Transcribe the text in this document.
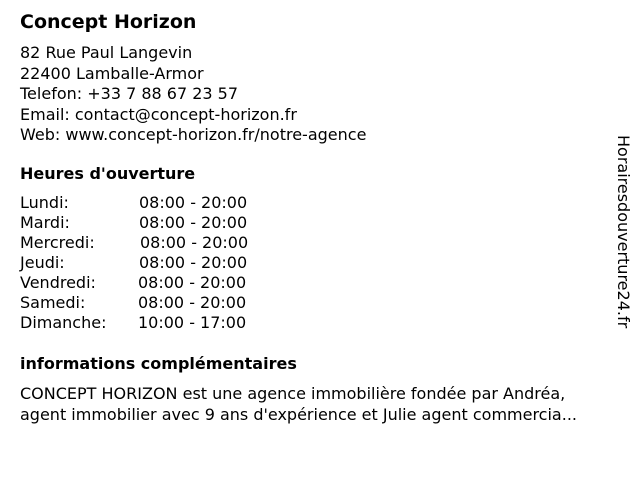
Concept Horizon
82 Rue Paul Langevin
22400 Lamballe-Armor
Telefon: +33 7 88 67 23 57
Email: contact@concept-horizon.fr
Web: www.concept-horizon.fr/notre-agence
Heures d'ouverture
Lundi:	08:00 - 20:00
Mardi:	08:00 - 20:00
Mercredi:	08:00 - 20:00
Jeudi:	08:00 - 20:00
Vendredi:	08:00 - 20:00
Samedi:	08:00 - 20:00
Dimanche: 10:00 - 17:00
informations complémentaires
CONCEPT HORIZON est une agence immobilière fondée par Andréa,
agent immobilier avec 9 ans d'expérience et Julie agent commercia...
Horairesdouverture24.fr
